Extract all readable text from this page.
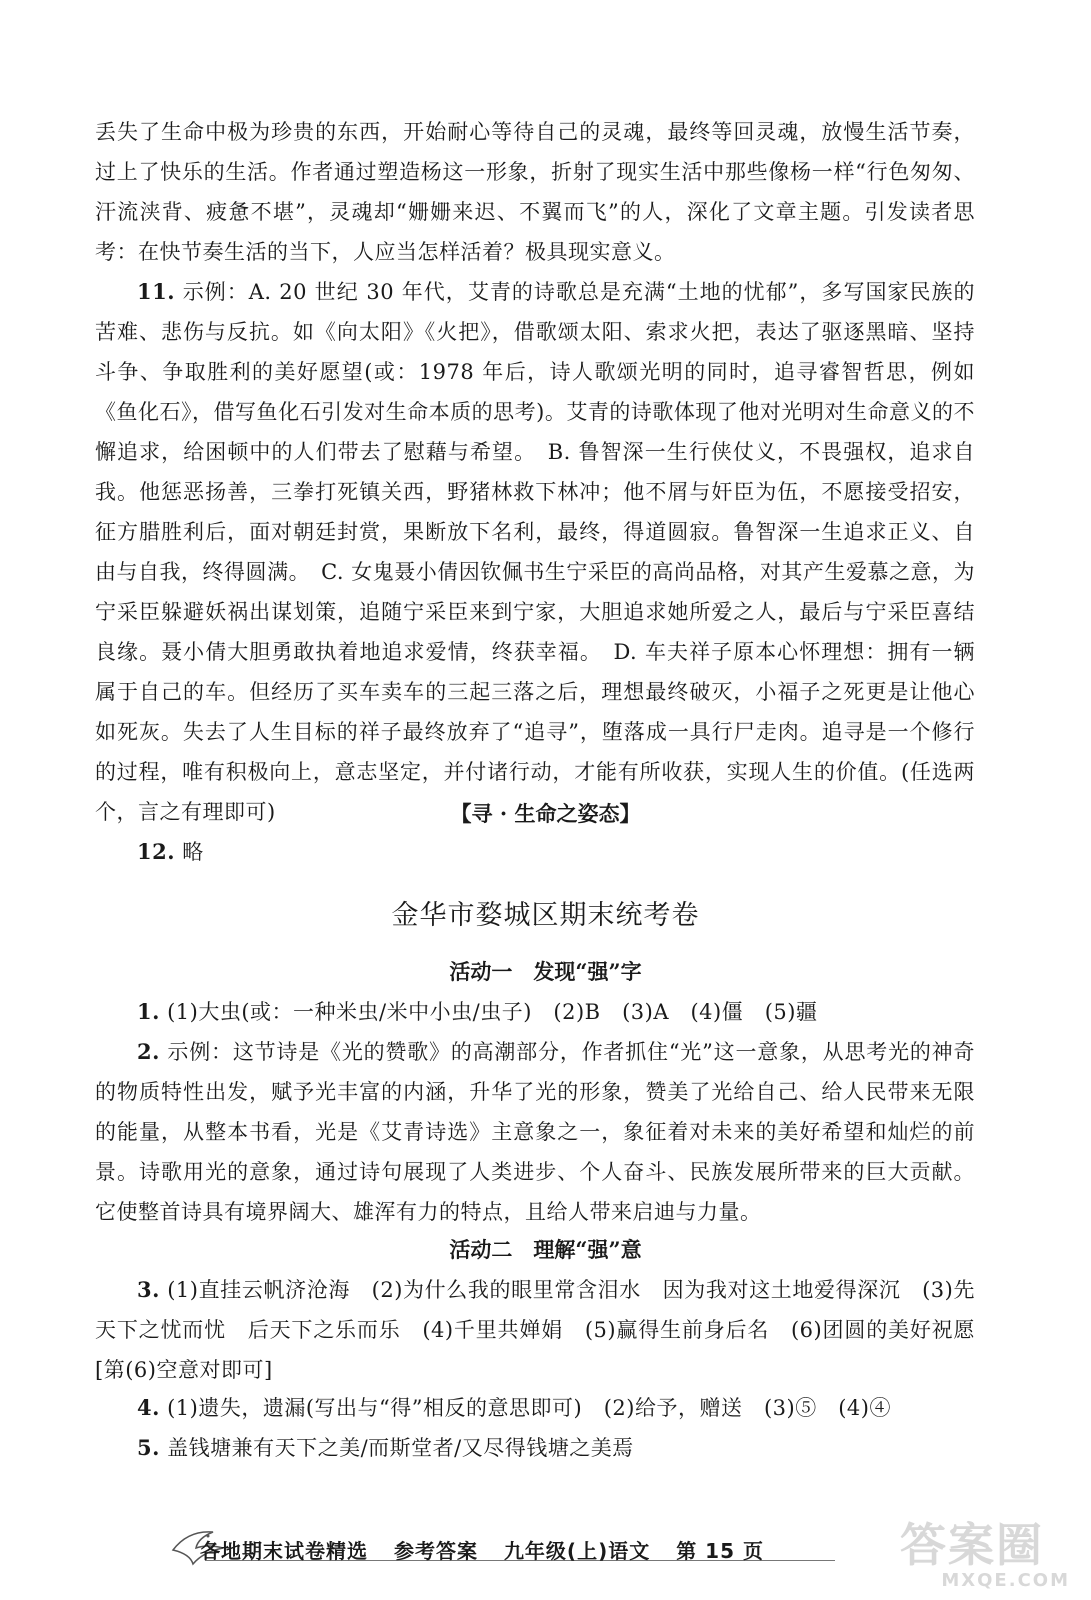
丢失了生命中极为珍贵的东西，开始耐心等待自己的灵魂，最终等回灵魂，放慢生活节奏，过上了快乐的生活。作者通过塑造杨这一形象，折射了现实生活中那些像杨一样“行色匆匆、汗流浃背、疲惫不堪”，灵魂却“姗姗来迟、不翼而飞”的人，深化了文章主题。引发读者思考：在快节奏生活的当下，人应当怎样活着？极具现实意义。

11. 示例：A. 20 世纪 30 年代，艾青的诗歌总是充满“土地的忧郁”，多写国家民族的苦难、悲伤与反抗。如《向太阳》《火把》，借歌颂太阳、索求火把，表达了驱逐黑暗、坚持斗争、争取胜利的美好愿望(或：1978 年后，诗人歌颂光明的同时，追寻睿智哲思，例如《鱼化石》，借写鱼化石引发对生命本质的思考)。艾青的诗歌体现了他对光明对生命意义的不懈追求，给困顿中的人们带去了慰藉与希望。　B. 鲁智深一生行侠仗义，不畏强权，追求自我。他惩恶扬善，三拳打死镇关西，野猪林救下林冲；他不屑与奸臣为伍，不愿接受招安，征方腊胜利后，面对朝廷封赏，果断放下名利，最终，得道圆寂。鲁智深一生追求正义、自由与自我，终得圆满。　C. 女鬼聂小倩因钦佩书生宁采臣的高尚品格，对其产生爱慕之意，为宁采臣躲避妖祸出谋划策，追随宁采臣来到宁家，大胆追求她所爱之人，最后与宁采臣喜结良缘。聂小倩大胆勇敢执着地追求爱情，终获幸福。　D. 车夫祥子原本心怀理想：拥有一辆属于自己的车。但经历了买车卖车的三起三落之后，理想最终破灭，小福子之死更是让他心如死灰。失去了人生目标的祥子最终放弃了“追寻”，堕落成一具行尸走肉。追寻是一个修行的过程，唯有积极向上，意志坚定，并付诸行动，才能有所收获，实现人生的价值。(任选两个，言之有理即可)	【寻 · 生命之姿态】

12. 略

金华市婺城区期末统考卷

活动一　发现“强”字

1. (1)大虫(或：一种米虫/米中小虫/虫子)　(2)B　(3)A　(4)僵　(5)疆

2. 示例：这节诗是《光的赞歌》的高潮部分，作者抓住“光”这一意象，从思考光的神奇的物质特性出发，赋予光丰富的内涵，升华了光的形象，赞美了光给自己、给人民带来无限的能量，从整本书看，光是《艾青诗选》主意象之一，象征着对未来的美好希望和灿烂的前景。诗歌用光的意象，通过诗句展现了人类进步、个人奋斗、民族发展所带来的巨大贡献。它使整首诗具有境界阔大、雄浑有力的特点，且给人带来启迪与力量。

活动二　理解“强”意

3. (1)直挂云帆济沧海　(2)为什么我的眼里常含泪水　因为我对这土地爱得深沉　(3)先天下之忧而忧　后天下之乐而乐　(4)千里共婵娟　(5)赢得生前身后名　(6)团圆的美好祝愿[第(6)空意对即可]

4. (1)遗失，遗漏(写出与“得”相反的意思即可)　(2)给予，赠送　(3)⑤　(4)④

5. 盖钱塘兼有天下之美/而斯堂者/又尽得钱塘之美焉

各地期末试卷精选 参考答案 九年级(上)语文 第 15 页	答案圈
MXQE.COM
